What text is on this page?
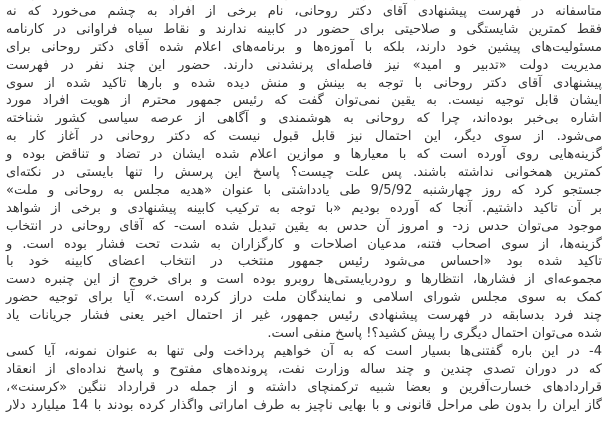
متاسفانه در فهرست پیشنهادی آقای دکتر روحانی، نام برخی از افراد به چشم می‌خورد که نه
فقط کمترین شایستگی و صلاحیتی برای حضور در کابینه ندارند و نقاط سیاه فراوانی در کارنامه
مسئولیت‌های پیشین خود دارند، بلکه با آموزه‌ها و برنامه‌های اعلام شده آقای دکتر روحانی برای
مدیریت دولت «تدبیر و امید» نیز فاصله‌ای پرنشدنی دارند. حضور این چند نفر در فهرست
پیشنهادی آقای دکتر روحانی با توجه به بینش و منش دیده شده و بارها تاکید شده از سوی
ایشان قابل توجیه نیست. به یقین نمی‌توان گفت که رئیس جمهور محترم از هویت افراد مورد
اشاره بی‌خبر بوده‌اند، چرا که روحانی به هوشمندی و آگاهی از عرصه سیاسی کشور شناخته
می‌شود. از سوی دیگر، این احتمال نیز قابل قبول نیست که دکتر روحانی در آغاز کار به
گزینه‌هایی روی آورده است که با معیارها و موازین اعلام شده ایشان در تضاد و تناقض بوده و
کمترین همخوانی نداشته باشند. پس علت چیست؟ پاسخ این پرسش را تنها بایستی در نکته‌ای
جستجو کرد که روز چهارشنبه 9/5/92 طی یادداشتی با عنوان «هدیه مجلس به روحانی و ملت»
بر آن تاکید داشتیم. آنجا که آورده بودیم «با توجه به ترکیب کابینه پیشنهادی و برخی از شواهد
موجود می‌توان حدس زد- و امروز آن حدس به یقین تبدیل شده است- که آقای روحانی در انتخاب
گزینه‌ها، از سوی اصحاب فتنه، مدعیان اصلاحات و کارگزاران به شدت تحت فشار بوده است. و
تاکید شده بود «احساس می‌شود رئیس جمهور منتخب در انتخاب اعضای کابینه خود با
مجموعه‌ای از فشارها، انتظارها و رودربایستی‌ها روبرو بوده است و برای خروج از این چنبره دست
کمک به سوی مجلس شورای اسلامی و نمایندگان ملت دراز کرده است.» آیا برای توجیه حضور
چند فرد بدسابقه در فهرست پیشنهادی رئیس جمهور، غیر از احتمال اخیر یعنی فشار جریانات یاد
شده می‌توان احتمال دیگری را پیش کشید؟! پاسخ منفی است.
4- در این باره گفتنی‌ها بسیار است که به آن خواهیم پرداخت ولی تنها به عنوان نمونه، آیا کسی
که در دوران تصدی چندین و چند ساله وزارت نفت، پرونده‌های مفتوح و پاسخ نداده‌ای از انعقاد
قراردادهای خسارت‌آفرین و بعضا شبیه ترکمنچای داشته و از جمله در قرارداد ننگین «کرسنت»،
گاز ایران را بدون طی مراحل قانونی و با بهایی ناچیز به طرف اماراتی واگذار کرده بودند با 14 میلیارد دلار
